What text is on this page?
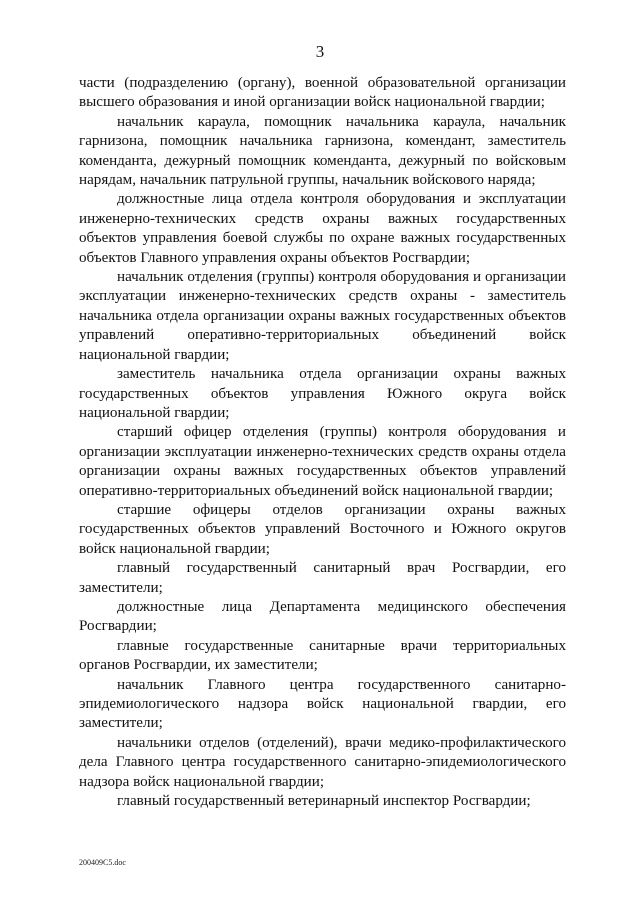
3

части (подразделению (органу), военной образовательной организации высшего образования и иной организации войск национальной гвардии;

начальник караула, помощник начальника караула, начальник гарнизона, помощник начальника гарнизона, комендант, заместитель коменданта, дежурный помощник коменданта, дежурный по войсковым нарядам, начальник патрульной группы, начальник войскового наряда;

должностные лица отдела контроля оборудования и эксплуатации инженерно-технических средств охраны важных государственных объектов управления боевой службы по охране важных государственных объектов Главного управления охраны объектов Росгвардии;

начальник отделения (группы) контроля оборудования и организации эксплуатации инженерно-технических средств охраны - заместитель начальника отдела организации охраны важных государственных объектов управлений оперативно-территориальных объединений войск национальной гвардии;

заместитель начальника отдела организации охраны важных государственных объектов управления Южного округа войск национальной гвардии;

старший офицер отделения (группы) контроля оборудования и организации эксплуатации инженерно-технических средств охраны отдела организации охраны важных государственных объектов управлений оперативно-территориальных объединений войск национальной гвардии;

старшие офицеры отделов организации охраны важных государственных объектов управлений Восточного и Южного округов войск национальной гвардии;

главный государственный санитарный врач Росгвардии, его заместители;

должностные лица Департамента медицинского обеспечения Росгвардии;

главные государственные санитарные врачи территориальных органов Росгвардии, их заместители;

начальник Главного центра государственного санитарно-эпидемиологического надзора войск национальной гвардии, его заместители;

начальники отделов (отделений), врачи медико-профилактического дела Главного центра государственного санитарно-эпидемиологического надзора войск национальной гвардии;

главный государственный ветеринарный инспектор Росгвардии;

200409C5.doc
